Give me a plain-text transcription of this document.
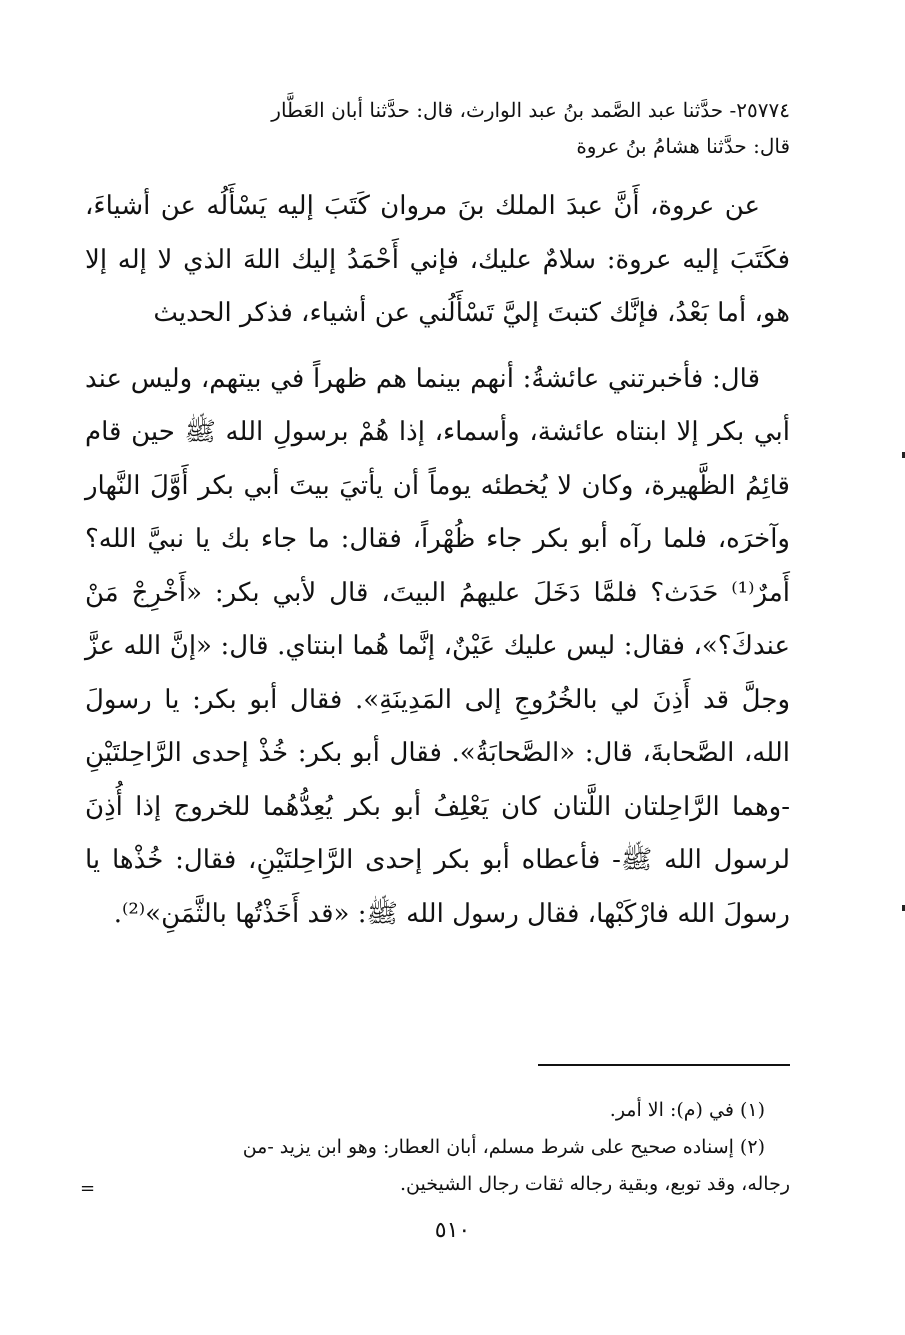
٢٥٧٧٤- حدَّثنا عبد الصَّمد بنُ عبد الوارث، قال: حدَّثنا أبان العَطَّار

قال: حدَّثنا هشامُ بنُ عروة

عن عروة، أَنَّ عبدَ الملك بنَ مروان كَتَبَ إليه يَسْأَلُه عن أشياءَ، فكَتَبَ إليه عروة: سلامٌ عليك، فإني أَحْمَدُ إليك اللهَ الذي لا إله إلا هو، أما بَعْدُ، فإنَّك كتبتَ إليَّ تَسْأَلُني عن أشياء، فذكر الحديث

قال: فأخبرتني عائشةُ: أنهم بينما هم ظهراً في بيتهم، وليس عند أبي بكر إلا ابنتاه عائشة، وأسماء، إذا هُمْ برسولِ الله ﷺ حين قام قائِمُ الظَّهيرة، وكان لا يُخطئه يوماً أن يأتيَ بيتَ أبي بكر أَوَّلَ النَّهار وآخرَه، فلما رآه أبو بكر جاء ظُهْراً، فقال: ما جاء بك يا نبيَّ الله؟ أَمرٌ⁽¹⁾ حَدَث؟ فلمَّا دَخَلَ عليهمُ البيتَ، قال لأبي بكر: «أَخْرِجْ مَنْ عندكَ؟»، فقال: ليس عليك عَيْنٌ، إنَّما هُما ابنتاي. قال: «إنَّ الله عزَّ وجلَّ قد أَذِنَ لي بالخُرُوجِ إلى المَدِينَةِ». فقال أبو بكر: يا رسولَ الله، الصَّحابةَ، قال: «الصَّحابَةُ». فقال أبو بكر: خُذْ إحدى الرَّاحِلتَيْنِ -وهما الرَّاحِلتان اللَّتان كان يَعْلِفُ أبو بكر يُعِدُّهُما للخروج إذا أُذِنَ لرسول الله ﷺ- فأعطاه أبو بكر إحدى الرَّاحِلتَيْنِ، فقال: خُذْها يا رسولَ الله فارْكَبْها، فقال رسول الله ﷺ: «قد أَخَذْتُها بالثَّمَنِ»⁽²⁾.

(١) في (م): الا أمر.

(٢) إسناده صحيح على شرط مسلم، أبان العطار: وهو ابن يزيد -من

رجاله، وقد توبع، وبقية رجاله ثقات رجال الشيخين.

=
٥١٠
